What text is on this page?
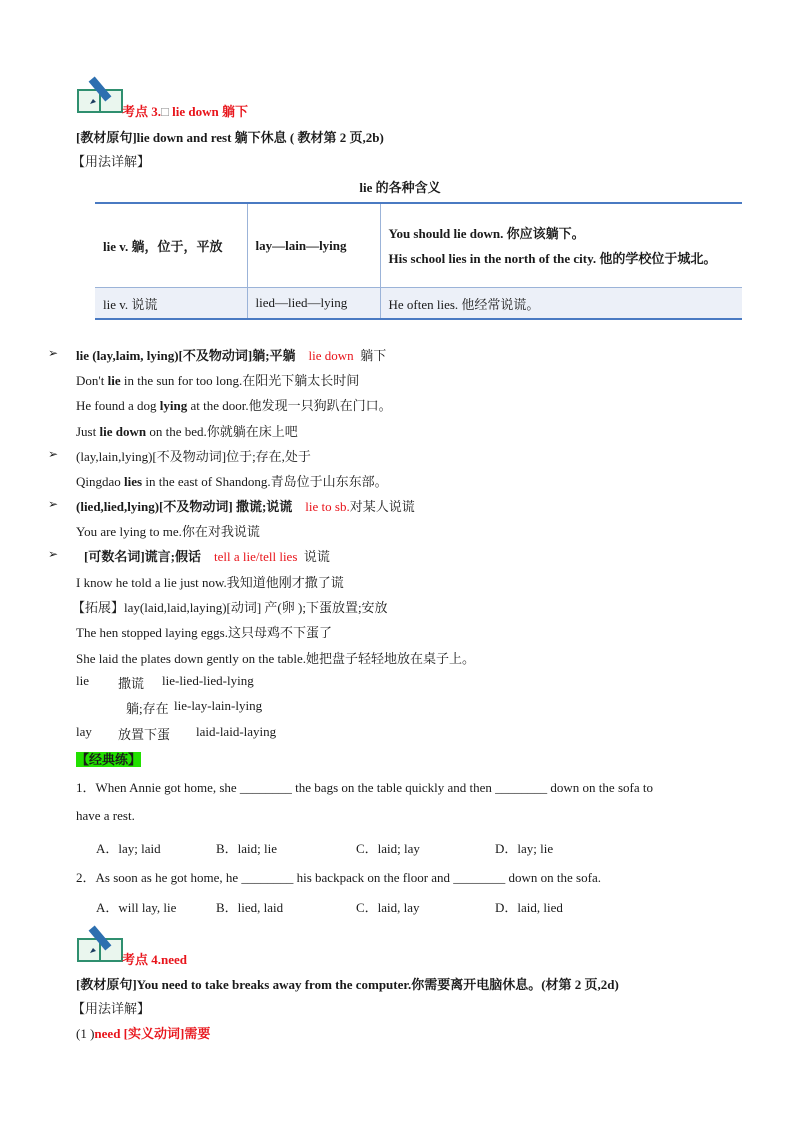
考点 3.□ lie down 躺下
[教材原句]lie down and rest 躺下休息 ( 教材第 2 页,2b)
【用法详解】
lie 的各种含义
lie v. 躺，位于，平放	lay—lain—lying	You should lie down. 你应该躺下。

His school lies in the north of the city. 他的学校位于城北。

lie v. 说谎	lied—lied—lying	He often lies. 他经常说谎。
➢ lie (lay,laim, lying)[不及物动词]躺;平躺 lie down 躺下
Don't lie in the sun for too long.在阳光下躺太长时间
He found a dog lying at the door.他发现一只狗趴在门口。
Just lie down on the bed.你就躺在床上吧
➢ (lay,lain,lying)[不及物动词]位于;存在,处于
Qingdao lies in the east of Shandong.青岛位于山东东部。
➢ (lied,lied,lying)[不及物动词] 撒谎;说谎 lie to sb.对某人说谎
You are lying to me.你在对我说谎
➢ [可数名词]谎言;假话 tell a lie/tell lies 说谎
I know he told a lie just now.我知道他刚才撒了谎
【拓展】lay(laid,laid,laying)[动词] 产(卵 );下蛋放置;安放
The hen stopped laying eggs.这只母鸡不下蛋了
She laid the plates down gently on the table.她把盘子轻轻地放在桌子上。
lie 撒谎 lie-lied-lied-lying
躺;存在 lie-lay-lain-lying
lay 放置下蛋 laid-laid-laying
【经典练】
1．When Annie got home, she ________ the bags on the table quickly and then ________ down on the sofa to
have a rest.
A．lay; laid	B．laid; lie	C．laid; lay	D．lay; lie
2．As soon as he got home, he ________ his backpack on the floor and ________ down on the sofa.
A．will lay, lie	B．lied, laid	C．laid, lay	D．laid, lied
考点 4.need
[教材原句]You need to take breaks away from the computer.你需要离开电脑休息。(材第 2 页,2d)
【用法详解】
(1 )need [实义动词]需要
